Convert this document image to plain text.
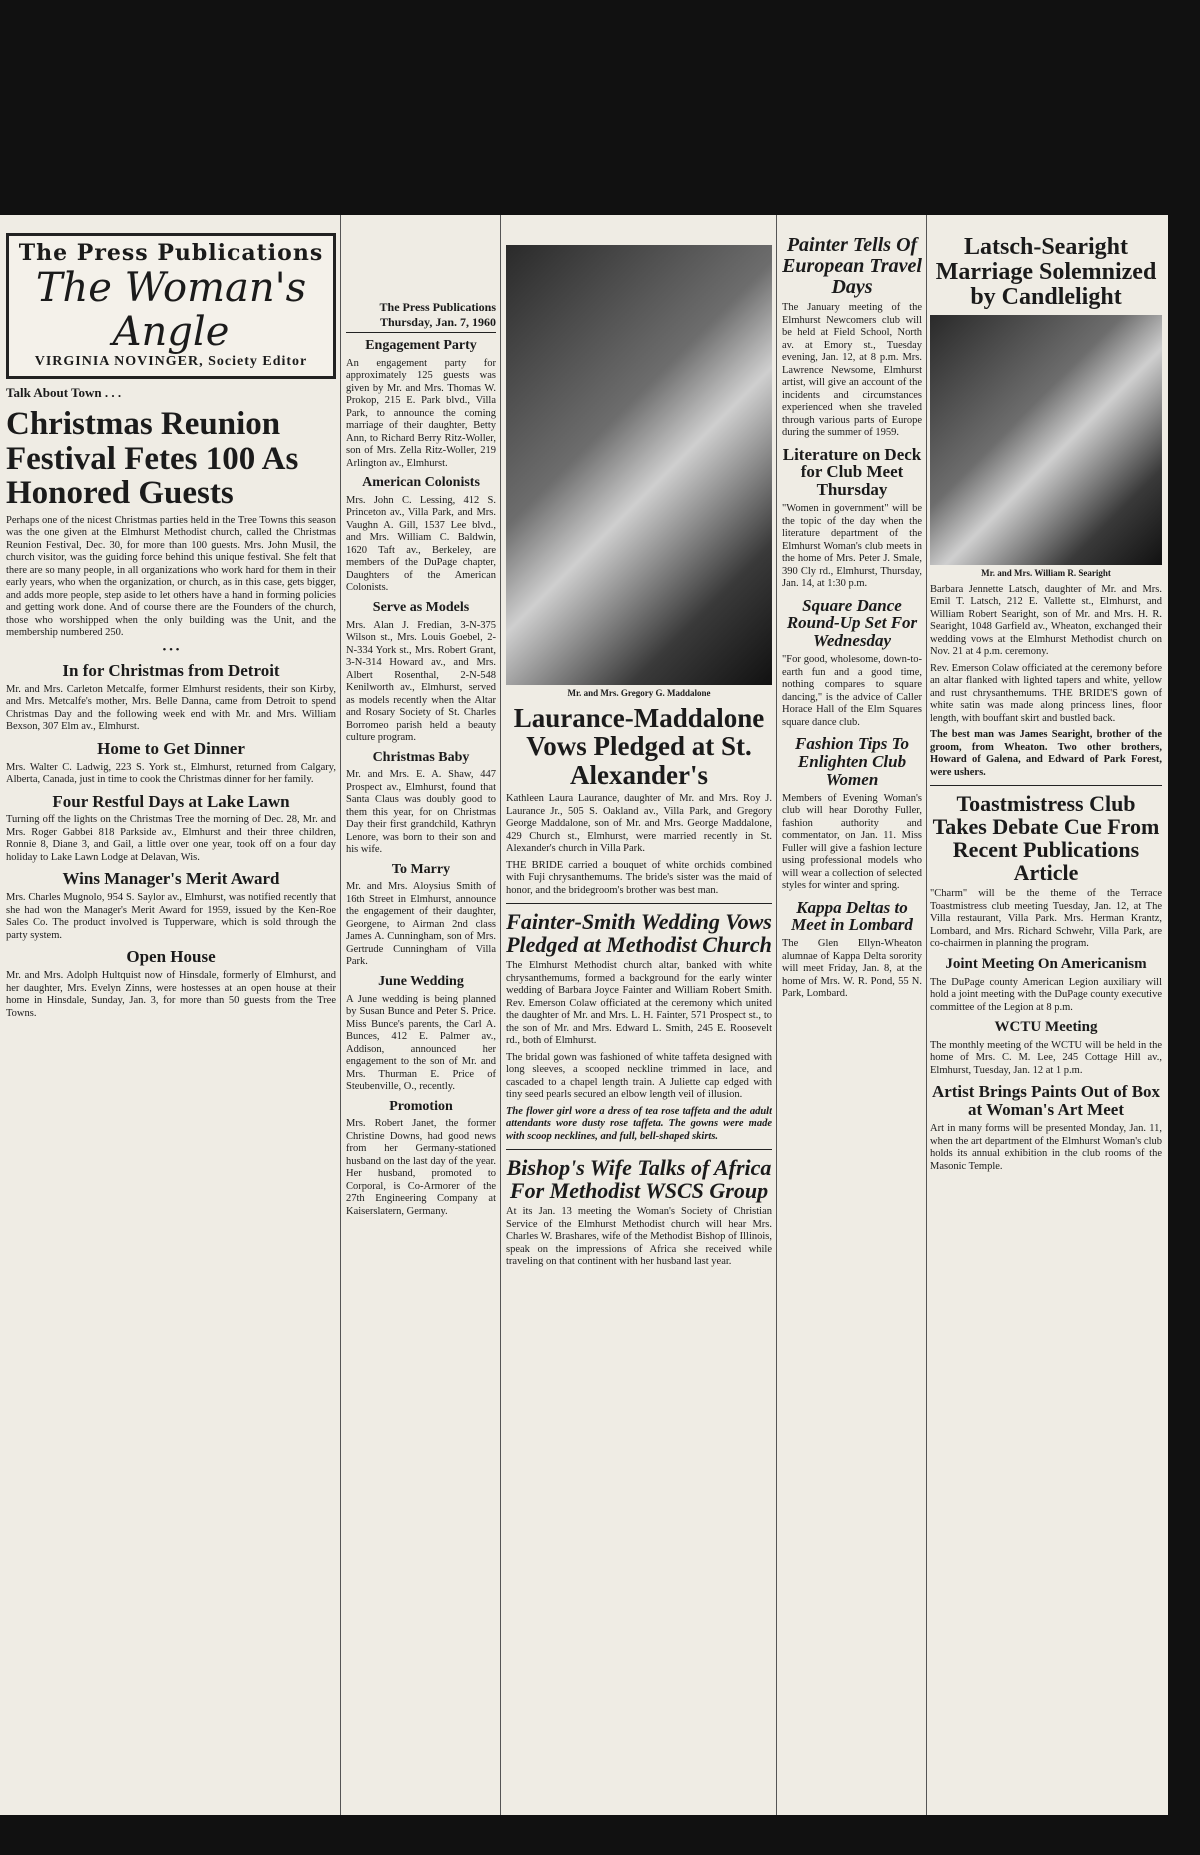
The Press Publications
The Woman's Angle
VIRGINIA NOVINGER, Society Editor
Talk About Town . . .
Christmas Reunion Festival Fetes 100 As Honored Guests

Perhaps one of the nicest Christmas parties held in the Tree Towns this season was the one given at the Elmhurst Methodist church, called the Christmas Reunion Festival, Dec. 30, for more than 100 guests. Mrs. John Musil, the church visitor, was the guiding force behind this unique festival. She felt that there are so many people, in all organizations who work hard for them in their early years, who when the organization, or church, as in this case, gets bigger, and adds more people, step aside to let others have a hand in forming policies and getting work done. And of course there are the Founders of the church, those who worshipped when the only building was the Unit, and the membership numbered 250.

• • •
In for Christmas from Detroit

Mr. and Mrs. Carleton Metcalfe, former Elmhurst residents, their son Kirby, and Mrs. Metcalfe's mother, Mrs. Belle Danna, came from Detroit to spend Christmas Day and the following week end with Mr. and Mrs. William Bexson, 307 Elm av., Elmhurst.

Home to Get Dinner

Mrs. Walter C. Ladwig, 223 S. York st., Elmhurst, returned from Calgary, Alberta, Canada, just in time to cook the Christmas dinner for her family.

Four Restful Days at Lake Lawn

Turning off the lights on the Christmas Tree the morning of Dec. 28, Mr. and Mrs. Roger Gabbei 818 Parkside av., Elmhurst and their three children, Ronnie 8, Diane 3, and Gail, a little over one year, took off on a four day holiday to Lake Lawn Lodge at Delavan, Wis.

Wins Manager's Merit Award

Mrs. Charles Mugnolo, 954 S. Saylor av., Elmhurst, was notified recently that she had won the Manager's Merit Award for 1959, issued by the Ken-Roe Sales Co. The product involved is Tupperware, which is sold through the party system.

Open House

Mr. and Mrs. Adolph Hultquist now of Hinsdale, formerly of Elmhurst, and her daughter, Mrs. Evelyn Zinns, were hostesses at an open house at their home in Hinsdale, Sunday, Jan. 3, for more than 50 guests from the Tree Towns.

The Press Publications
Thursday, Jan. 7, 1960
Engagement Party

An engagement party for approximately 125 guests was given by Mr. and Mrs. Thomas W. Prokop, 215 E. Park blvd., Villa Park, to announce the coming marriage of their daughter, Betty Ann, to Richard Berry Ritz-Woller, son of Mrs. Zella Ritz-Woller, 219 Arlington av., Elmhurst.

American Colonists

Mrs. John C. Lessing, 412 S. Princeton av., Villa Park, and Mrs. Vaughn A. Gill, 1537 Lee blvd., and Mrs. William C. Baldwin, 1620 Taft av., Berkeley, are members of the DuPage chapter, Daughters of the American Colonists.

Serve as Models

Mrs. Alan J. Fredian, 3-N-375 Wilson st., Mrs. Louis Goebel, 2-N-334 York st., Mrs. Robert Grant, 3-N-314 Howard av., and Mrs. Albert Rosenthal, 2-N-548 Kenilworth av., Elmhurst, served as models recently when the Altar and Rosary Society of St. Charles Borromeo parish held a beauty culture program.

Christmas Baby

Mr. and Mrs. E. A. Shaw, 447 Prospect av., Elmhurst, found that Santa Claus was doubly good to them this year, for on Christmas Day their first grandchild, Kathryn Lenore, was born to their son and his wife.

To Marry

Mr. and Mrs. Aloysius Smith of 16th Street in Elmhurst, announce the engagement of their daughter, Georgene, to Airman 2nd class James A. Cunningham, son of Mrs. Gertrude Cunningham of Villa Park.

June Wedding

A June wedding is being planned by Susan Bunce and Peter S. Price. Miss Bunce's parents, the Carl A. Bunces, 412 E. Palmer av., Addison, announced her engagement to the son of Mr. and Mrs. Thurman E. Price of Steubenville, O., recently.

Promotion

Mrs. Robert Janet, the former Christine Downs, had good news from her Germany-stationed husband on the last day of the year. Her husband, promoted to Corporal, is Co-Armorer of the 27th Engineering Company at Kaiserslatern, Germany.

Mr. and Mrs. Gregory G. Maddalone
Laurance-Maddalone Vows Pledged at St. Alexander's

Kathleen Laura Laurance, daughter of Mr. and Mrs. Roy J. Laurance Jr., 505 S. Oakland av., Villa Park, and Gregory George Maddalone, son of Mr. and Mrs. George Maddalone, 429 Church st., Elmhurst, were married recently in St. Alexander's church in Villa Park.

THE BRIDE carried a bouquet of white orchids combined with Fuji chrysanthemums. The bride's sister was the maid of honor, and the bridegroom's brother was best man.

Fainter-Smith Wedding Vows Pledged at Methodist Church

The Elmhurst Methodist church altar, banked with white chrysanthemums, formed a background for the early winter wedding of Barbara Joyce Fainter and William Robert Smith. Rev. Emerson Colaw officiated at the ceremony which united the daughter of Mr. and Mrs. L. H. Fainter, 571 Prospect st., to the son of Mr. and Mrs. Edward L. Smith, 245 E. Roosevelt rd., both of Elmhurst.

The bridal gown was fashioned of white taffeta designed with long sleeves, a scooped neckline trimmed in lace, and cascaded to a chapel length train. A Juliette cap edged with tiny seed pearls secured an elbow length veil of illusion.

The flower girl wore a dress of tea rose taffeta and the adult attendants wore dusty rose taffeta. The gowns were made with scoop necklines, and full, bell-shaped skirts.

Bishop's Wife Talks of Africa For Methodist WSCS Group

At its Jan. 13 meeting the Woman's Society of Christian Service of the Elmhurst Methodist church will hear Mrs. Charles W. Brashares, wife of the Methodist Bishop of Illinois, speak on the impressions of Africa she received while traveling on that continent with her husband last year.

Painter Tells Of European Travel Days

The January meeting of the Elmhurst Newcomers club will be held at Field School, North av. at Emory st., Tuesday evening, Jan. 12, at 8 p.m. Mrs. Lawrence Newsome, Elmhurst artist, will give an account of the incidents and circumstances experienced when she traveled through various parts of Europe during the summer of 1959.

Literature on Deck for Club Meet Thursday

"Women in government" will be the topic of the day when the literature department of the Elmhurst Woman's club meets in the home of Mrs. Peter J. Smale, 390 Cly rd., Elmhurst, Thursday, Jan. 14, at 1:30 p.m.

Square Dance Round-Up Set For Wednesday

"For good, wholesome, down-to-earth fun and a good time, nothing compares to square dancing," is the advice of Caller Horace Hall of the Elm Squares square dance club.

Fashion Tips To Enlighten Club Women

Members of Evening Woman's club will hear Dorothy Fuller, fashion authority and commentator, on Jan. 11. Miss Fuller will give a fashion lecture using professional models who will wear a collection of selected styles for winter and spring.

Kappa Deltas to Meet in Lombard

The Glen Ellyn-Wheaton alumnae of Kappa Delta sorority will meet Friday, Jan. 8, at the home of Mrs. W. R. Pond, 55 N. Park, Lombard.

Latsch-Searight Marriage Solemnized by Candlelight
Mr. and Mrs. William R. Searight

Barbara Jennette Latsch, daughter of Mr. and Mrs. Emil T. Latsch, 212 E. Vallette st., Elmhurst, and William Robert Searight, son of Mr. and Mrs. H. R. Searight, 1048 Garfield av., Wheaton, exchanged their wedding vows at the Elmhurst Methodist church on Nov. 21 at 4 p.m. ceremony.

Rev. Emerson Colaw officiated at the ceremony before an altar flanked with lighted tapers and white, yellow and rust chrysanthemums. THE BRIDE'S gown of white satin was made along princess lines, floor length, with bouffant skirt and bustled back.

The best man was James Searight, brother of the groom, from Wheaton. Two other brothers, Howard of Galena, and Edward of Park Forest, were ushers.

Toastmistress Club Takes Debate Cue From Recent Publications Article

"Charm" will be the theme of the Terrace Toastmistress club meeting Tuesday, Jan. 12, at The Villa restaurant, Villa Park. Mrs. Herman Krantz, Lombard, and Mrs. Richard Schwehr, Villa Park, are co-chairmen in planning the program.

Joint Meeting On Americanism

The DuPage county American Legion auxiliary will hold a joint meeting with the DuPage county executive committee of the Legion at 8 p.m.

WCTU Meeting

The monthly meeting of the WCTU will be held in the home of Mrs. C. M. Lee, 245 Cottage Hill av., Elmhurst, Tuesday, Jan. 12 at 1 p.m.

Artist Brings Paints Out of Box at Woman's Art Meet

Art in many forms will be presented Monday, Jan. 11, when the art department of the Elmhurst Woman's club holds its annual exhibition in the club rooms of the Masonic Temple.
